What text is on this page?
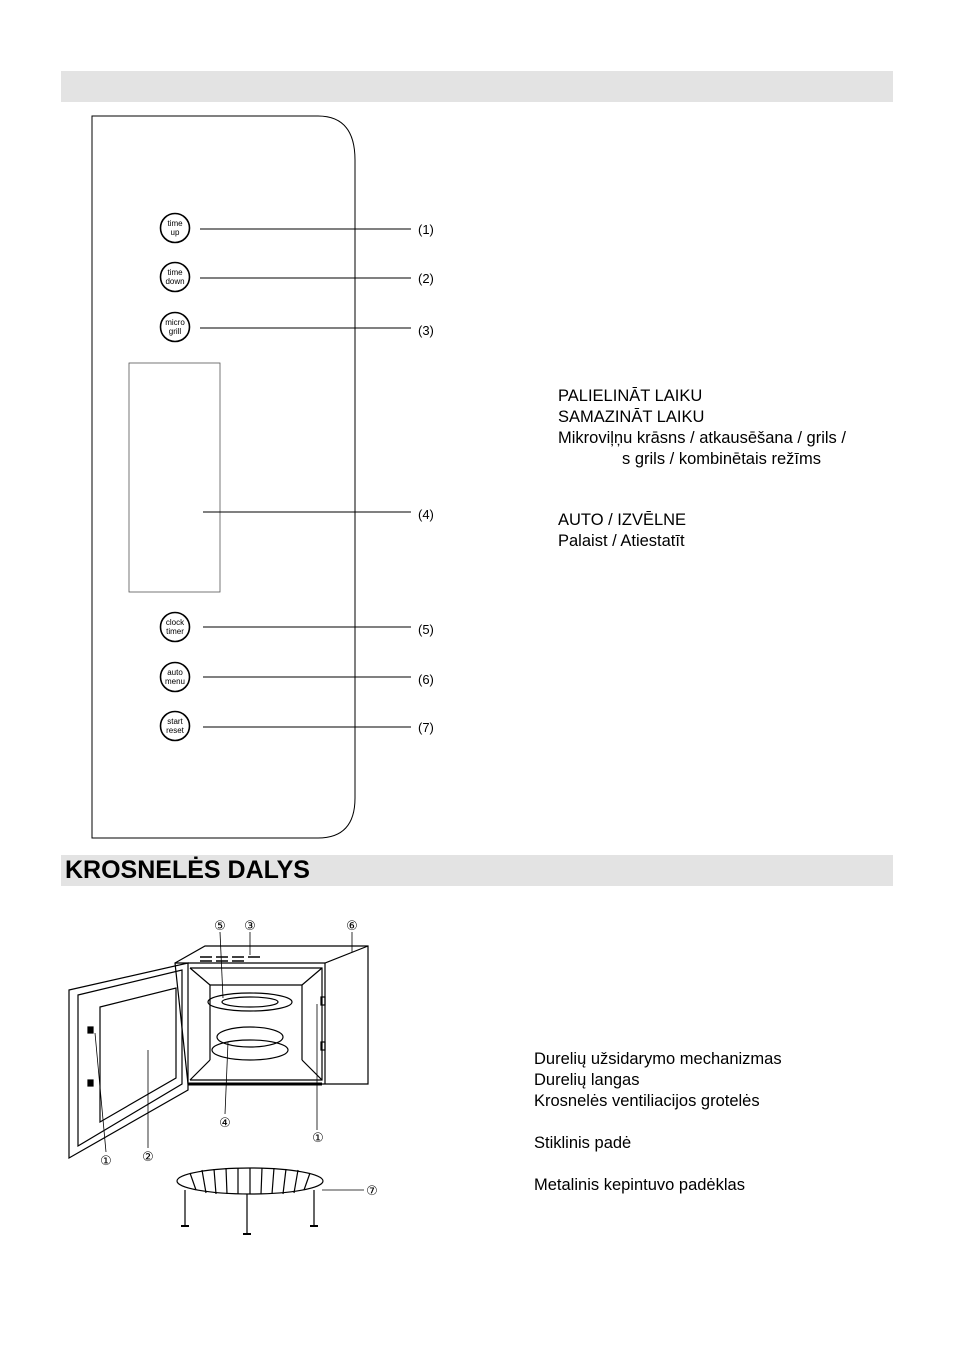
time
up
time
down
micro
grill
clock
timer
auto
menu
start
reset
(1)
(2)
(3)
(4)
(5)
(6)
(7)
PALIELINĀT LAIKU
SAMAZINĀT LAIKU
Mikroviļņu krāsns / atkausēšana / grils /
s grils / kombinētais režīms
AUTO / IZVĒLNE
Palaist / Atiestatīt
KROSNELĖS DALYS
⑤ ③	⑥
④
①
① ②
⑦
Durelių užsidarymo mechanizmas
Durelių langas
Krosnelės ventiliacijos grotelės
Stiklinis padė
Metalinis kepintuvo padėklas
